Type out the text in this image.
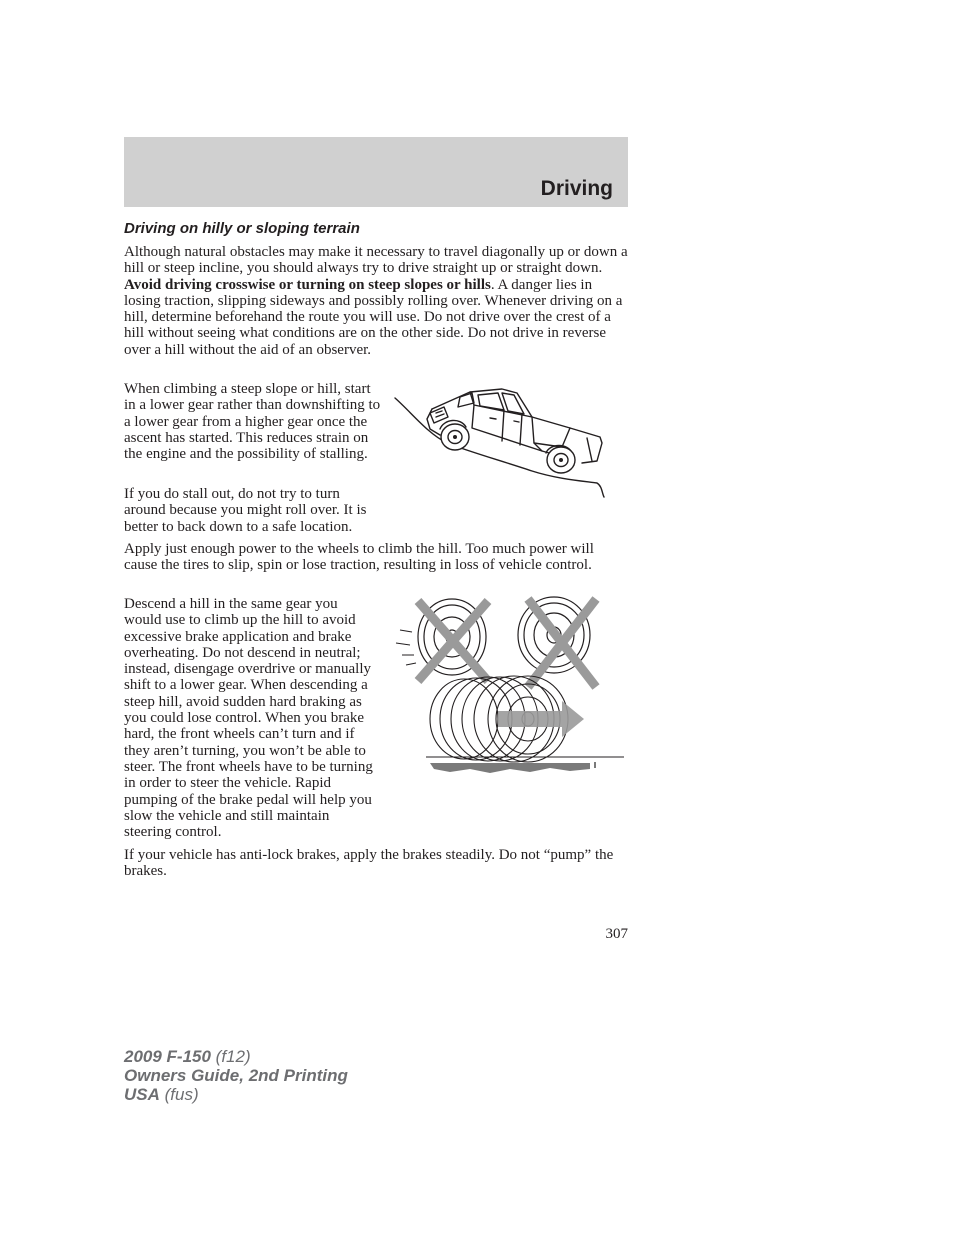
Driving
Driving on hilly or sloping terrain

Although natural obstacles may make it necessary to travel diagonally up or down a hill or steep incline, you should always try to drive straight up or straight down. Avoid driving crosswise or turning on steep slopes or hills. A danger lies in losing traction, slipping sideways and possibly rolling over. Whenever driving on a hill, determine beforehand the route you will use. Do not drive over the crest of a hill without seeing what conditions are on the other side. Do not drive in reverse over a hill without the aid of an observer.

When climbing a steep slope or hill, start in a lower gear rather than downshifting to a lower gear from a higher gear once the ascent has started. This reduces strain on the engine and the possibility of stalling.

If you do stall out, do not try to turn around because you might roll over. It is better to back down to a safe location.

Apply just enough power to the wheels to climb the hill. Too much power will cause the tires to slip, spin or lose traction, resulting in loss of vehicle control.

Descend a hill in the same gear you would use to climb up the hill to avoid excessive brake application and brake overheating. Do not descend in neutral; instead, disengage overdrive or manually shift to a lower gear. When descending a steep hill, avoid sudden hard braking as you could lose control. When you brake hard, the front wheels can’t turn and if they aren’t turning, you won’t be able to steer. The front wheels have to be turning in order to steer the vehicle. Rapid pumping of the brake pedal will help you slow the vehicle and still maintain steering control.

If your vehicle has anti-lock brakes, apply the brakes steadily. Do not “pump” the brakes.

307
2009 F-150 (f12)
Owners Guide, 2nd Printing
USA (fus)
